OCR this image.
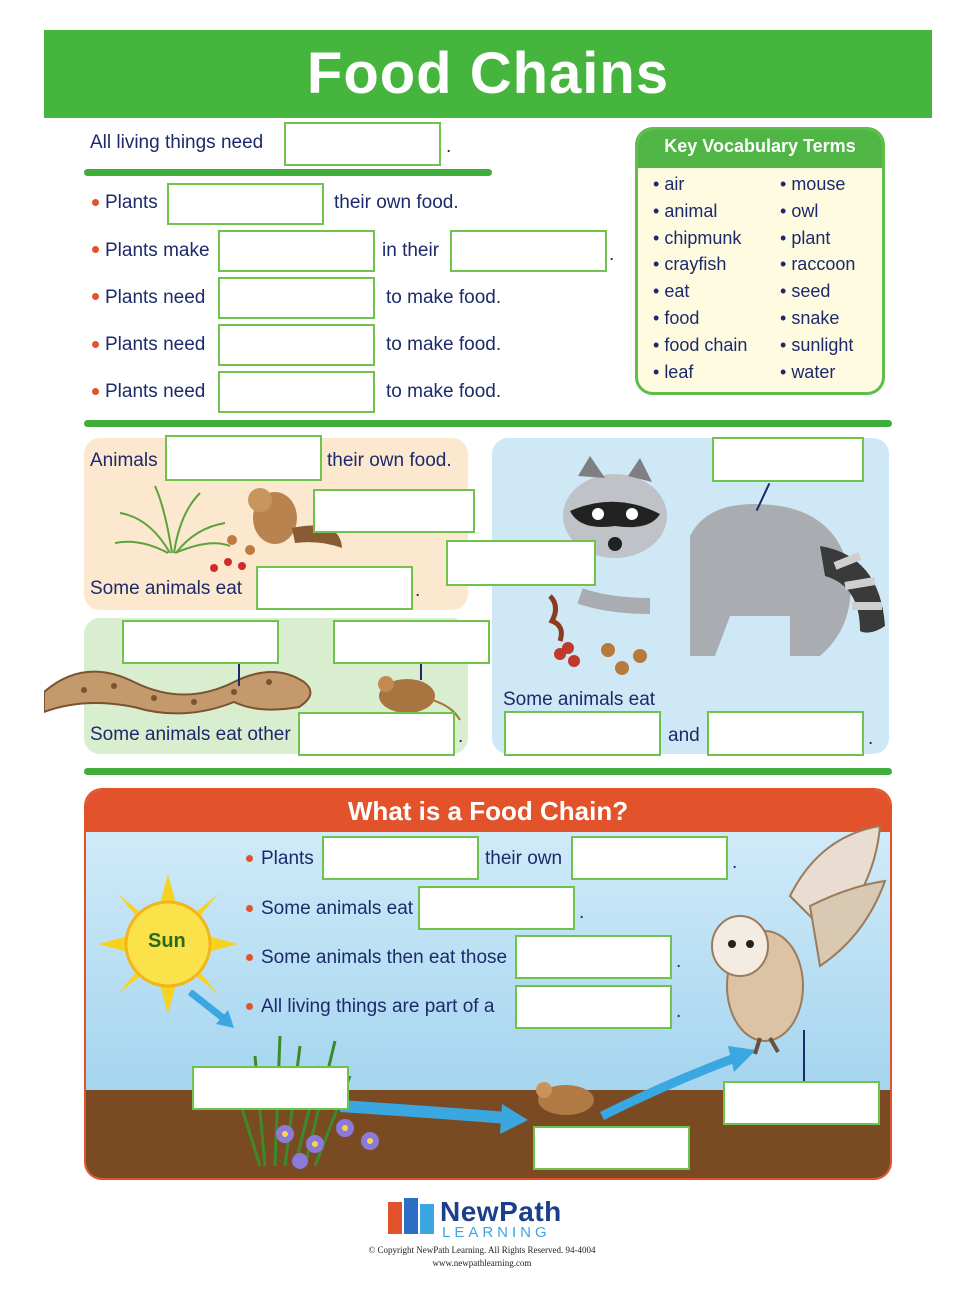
Food Chains
All living things need	.
Plants	their own food.
Plants make	in their	.
Plants need	to make food.
Plants need	to make food.
Plants need	to make food.
Key Vocabulary Terms
• air
• animal
• chipmunk
• crayfish
• eat
• food
• food chain
• leaf
• mouse
• owl
• plant
• raccoon
• seed
• snake
• sunlight
• water
Animals	their own food.
Some animals eat	.
Some animals eat other	.
Some animals eat
and	.
What is a Food Chain?
Sun
Plants	their own	.
Some animals eat	.
Some animals then eat those	.
All living things are part of a	.
NewPath
LEARNING
© Copyright NewPath Learning. All Rights Reserved. 94-4004
www.newpathlearning.com
